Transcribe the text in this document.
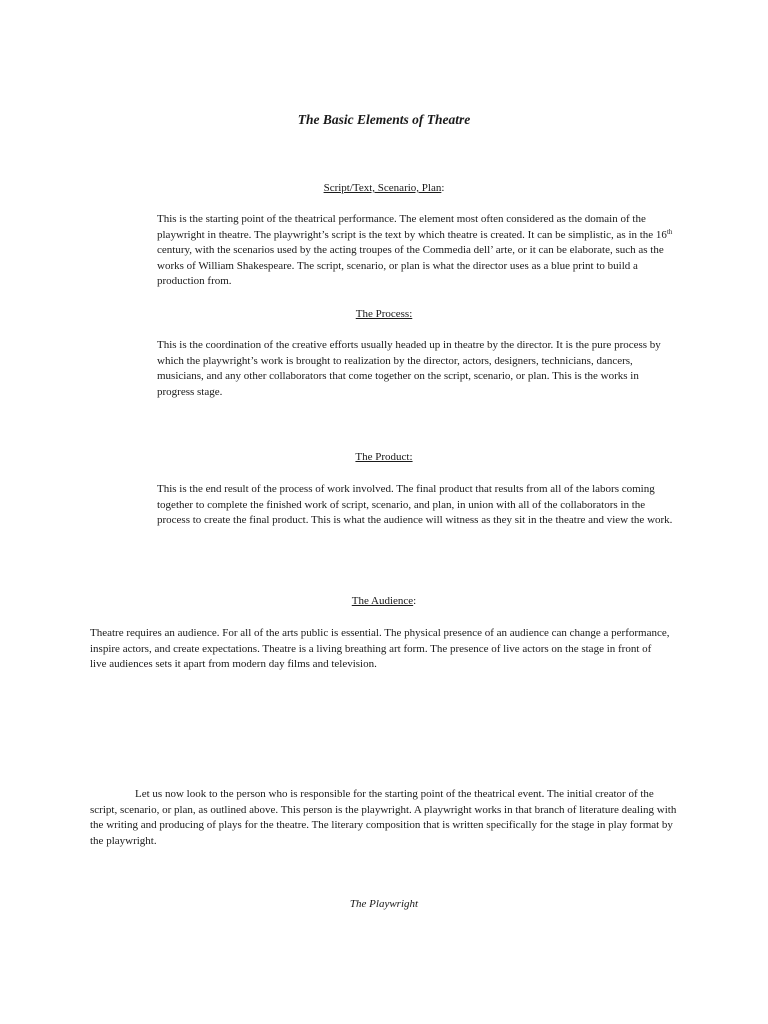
The Basic Elements of Theatre
Script/Text, Scenario, Plan:

This is the starting point of the theatrical performance. The element most often considered as the domain of the playwright in theatre. The playwright’s script is the text by which theatre is created. It can be simplistic, as in the 16th century, with the scenarios used by the acting troupes of the Commedia dell’ arte, or it can be elaborate, such as the works of William Shakespeare. The script, scenario, or plan is what the director uses as a blue print to build a production from.

The Process:

This is the coordination of the creative efforts usually headed up in theatre by the director. It is the pure process by which the playwright’s work is brought to realization by the director, actors, designers, technicians, dancers, musicians, and any other collaborators that come together on the script, scenario, or plan. This is the works in progress stage.

The Product:

This is the end result of the process of work involved. The final product that results from all of the labors coming together to complete the finished work of script, scenario, and plan, in union with all of the collaborators in the process to create the final product. This is what the audience will witness as they sit in the theatre and view the work.

The Audience:

Theatre requires an audience. For all of the arts public is essential. The physical presence of an audience can change a performance, inspire actors, and create expectations. Theatre is a living breathing art form. The presence of live actors on the stage in front of live audiences sets it apart from modern day films and television.

Let us now look to the person who is responsible for the starting point of the theatrical event. The initial creator of the script, scenario, or plan, as outlined above. This person is the playwright. A playwright works in that branch of literature dealing with the writing and producing of plays for the theatre. The literary composition that is written specifically for the stage in play format by the playwright.

The Playwright
